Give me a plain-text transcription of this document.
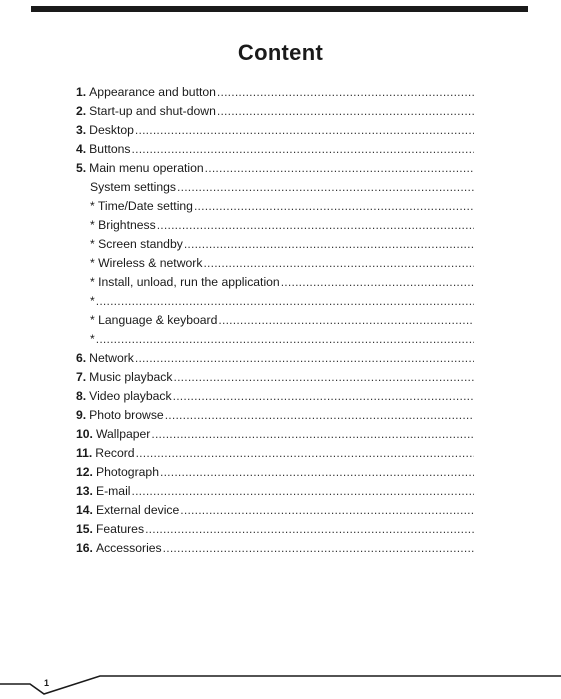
Content
1. Appearance and button
.....
2. Start-up and shut-down
.....
3. Desktop
.....
4. Buttons
.....
5. Main menu operation
.....
System settings
.....
* Time/Date setting
.....
* Brightness
.....
* Screen standby
.....
* Wireless & network
.....
* Install, unload, run the application
.....
*
.....
* Language & keyboard
.....
*
.....
6. Network
.....
7. Music playback
.....
8. Video playback
.....
9. Photo browse
.....
10. Wallpaper
.....
11. Record
.....
12. Photograph
.....
13. E-mail
.....
14. External device
.....
15. Features
.....
16. Accessories
.....
1
